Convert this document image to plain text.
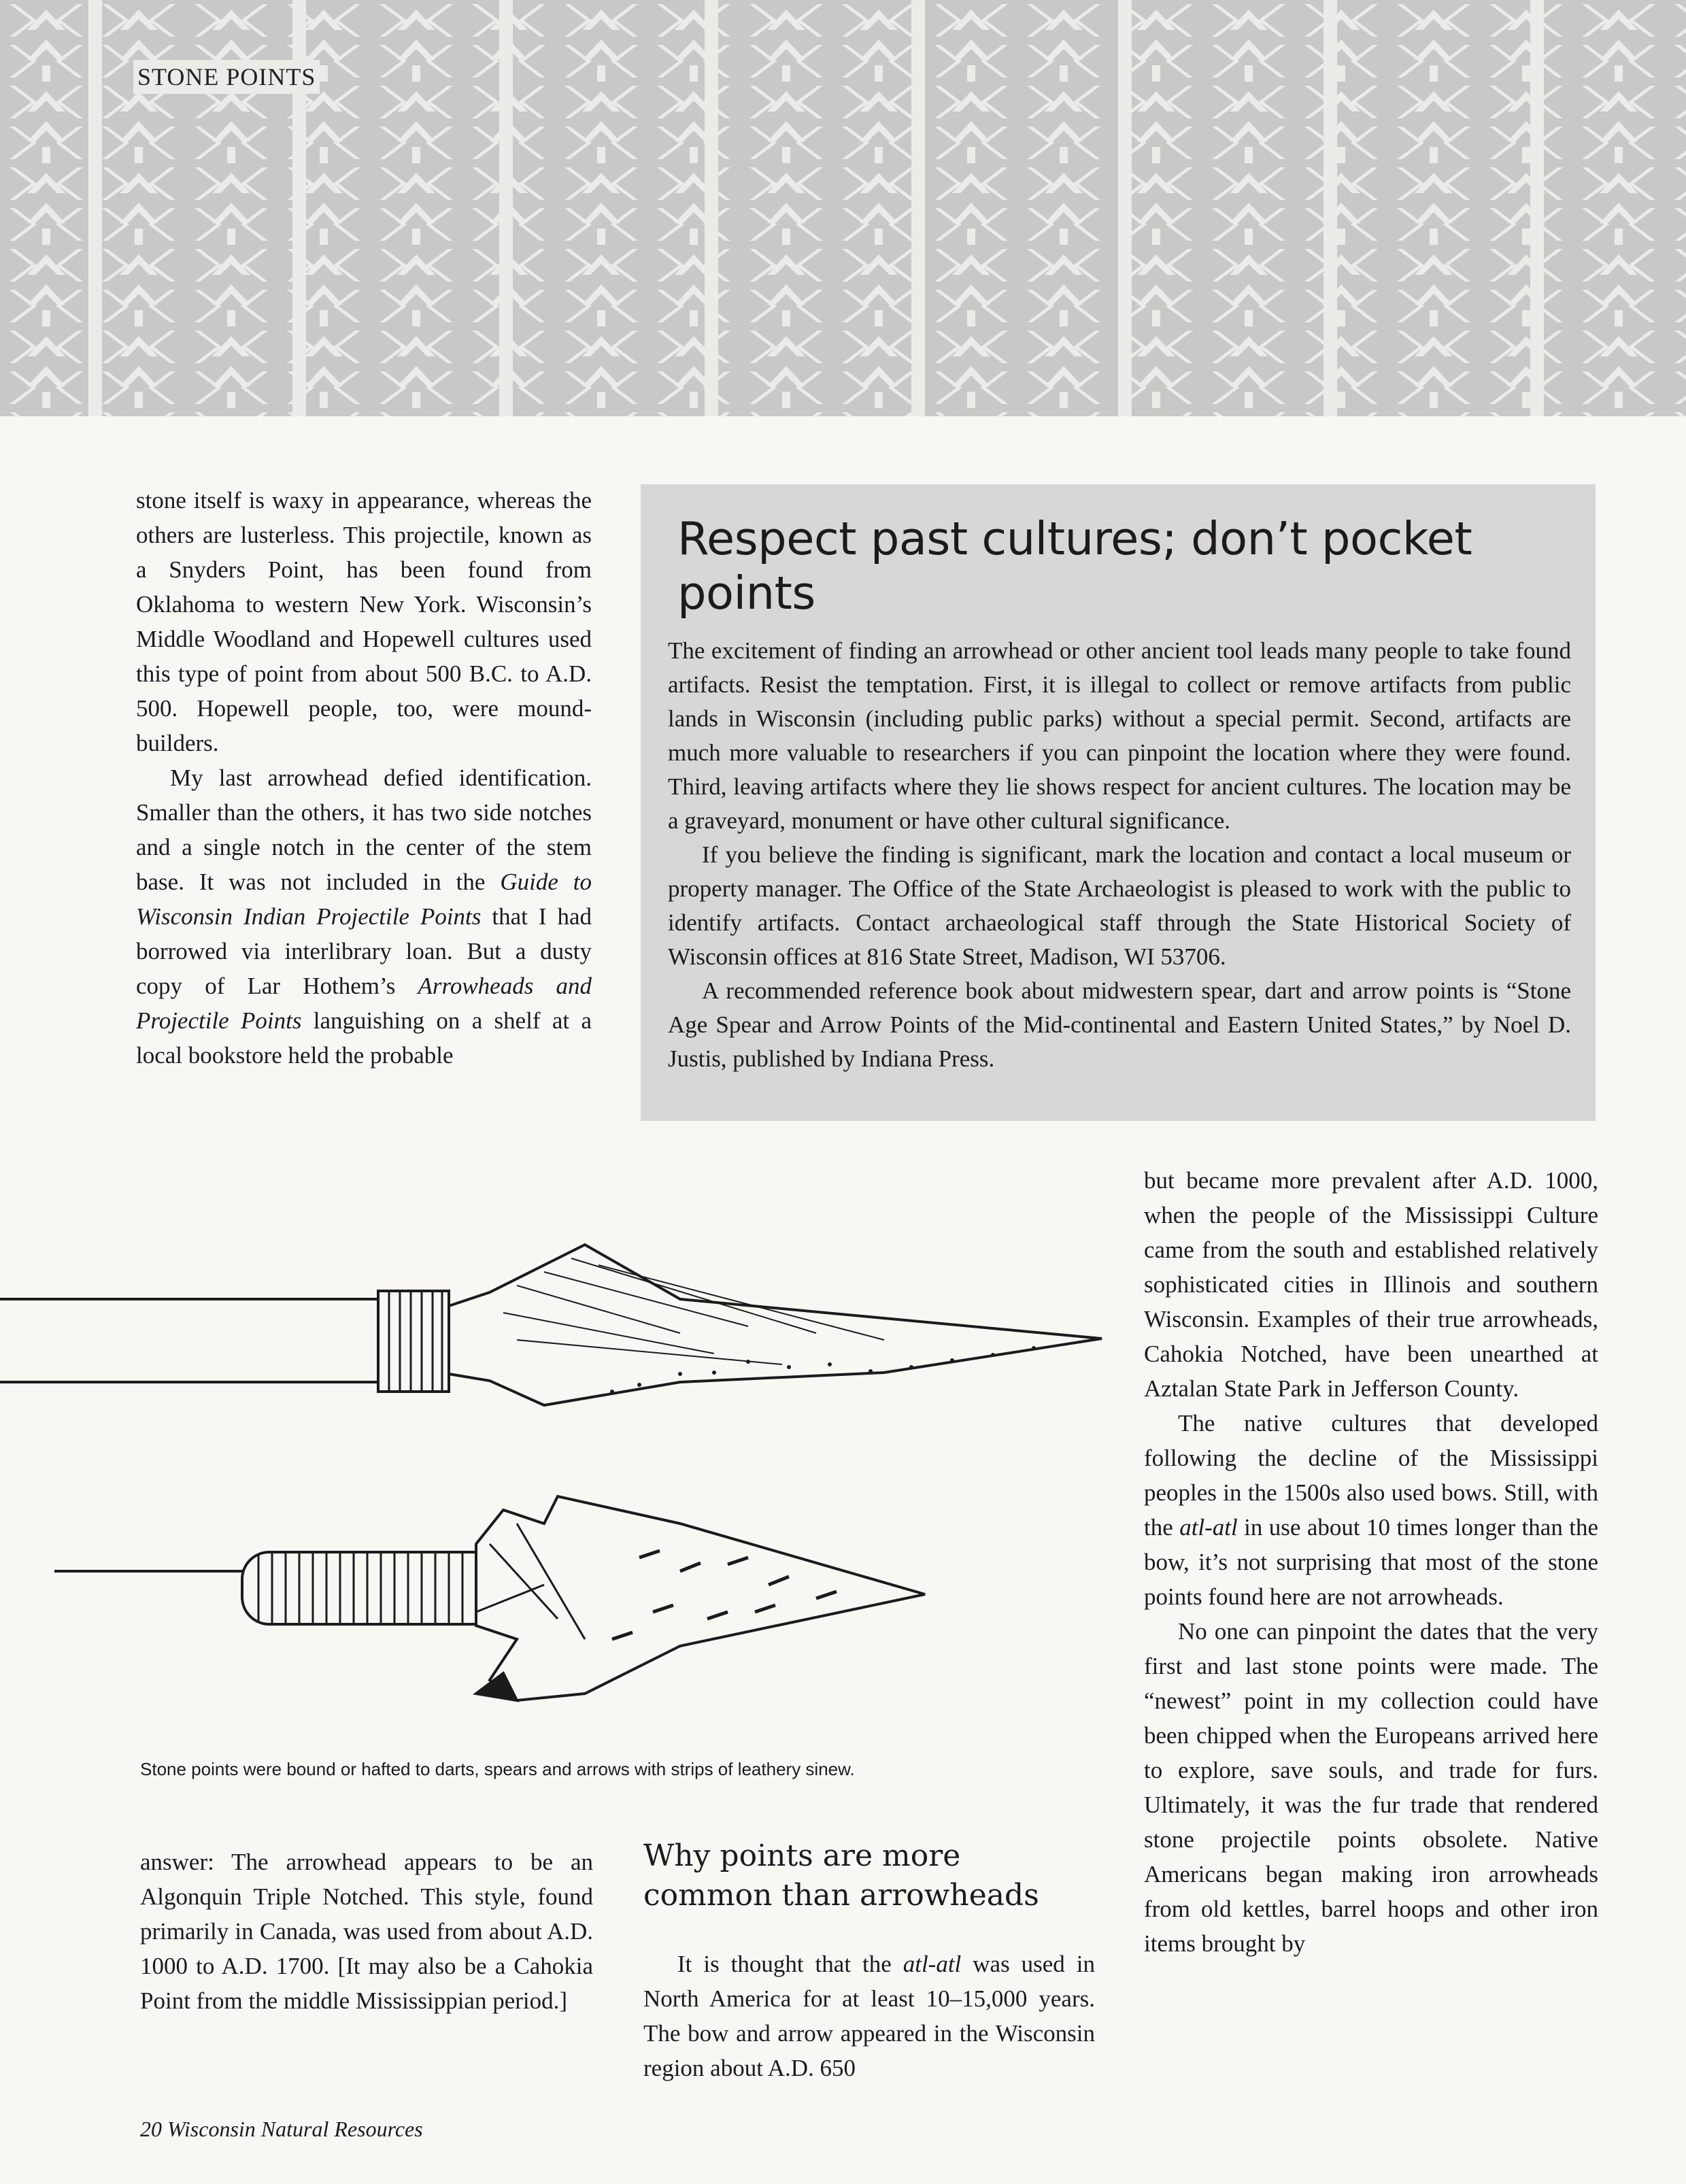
STONE POINTS

stone itself is waxy in appearance, whereas the others are lusterless. This projectile, known as a Snyders Point, has been found from Oklahoma to western New York. Wisconsin’s Middle Woodland and Hopewell cultures used this type of point from about 500 B.C. to A.D. 500. Hopewell people, too, were mound-builders.

My last arrowhead defied identification. Smaller than the others, it has two side notches and a single notch in the center of the stem base. It was not included in the Guide to Wisconsin Indian Projectile Points that I had borrowed via interlibrary loan. But a dusty copy of Lar Hothem’s Arrowheads and Projectile Points languishing on a shelf at a local bookstore held the probable

Respect past cultures; don’t pocket points

The excitement of finding an arrowhead or other ancient tool leads many people to take found artifacts. Resist the temptation. First, it is illegal to collect or remove artifacts from public lands in Wisconsin (including public parks) without a special permit. Second, artifacts are much more valuable to researchers if you can pinpoint the location where they were found. Third, leaving artifacts where they lie shows respect for ancient cultures. The location may be a graveyard, monument or have other cultural significance.

If you believe the finding is significant, mark the location and contact a local museum or property manager. The Office of the State Archaeologist is pleased to work with the public to identify artifacts. Contact archaeological staff through the State Historical Society of Wisconsin offices at 816 State Street, Madison, WI 53706.

A recommended reference book about midwestern spear, dart and arrow points is “Stone Age Spear and Arrow Points of the Mid-continental and Eastern United States,” by Noel D. Justis, published by Indiana Press.

Stone points were bound or hafted to darts, spears and arrows with strips of leathery sinew.

answer: The arrowhead appears to be an Algonquin Triple Notched. This style, found primarily in Canada, was used from about A.D. 1000 to A.D. 1700. [It may also be a Cahokia Point from the middle Mississippian period.]

Why points are more common than arrowheads

It is thought that the atl-atl was used in North America for at least 10–15,000 years. The bow and arrow appeared in the Wisconsin region about A.D. 650

but became more prevalent after A.D. 1000, when the people of the Mississippi Culture came from the south and established relatively sophisticated cities in Illinois and southern Wisconsin. Examples of their true arrowheads, Cahokia Notched, have been unearthed at Aztalan State Park in Jefferson County.

The native cultures that developed following the decline of the Mississippi peoples in the 1500s also used bows. Still, with the atl-atl in use about 10 times longer than the bow, it’s not surprising that most of the stone points found here are not arrowheads.

No one can pinpoint the dates that the very first and last stone points were made. The “newest” point in my collection could have been chipped when the Europeans arrived here to explore, save souls, and trade for furs. Ultimately, it was the fur trade that rendered stone projectile points obsolete. Native Americans began making iron arrowheads from old kettles, barrel hoops and other iron items brought by

20 Wisconsin Natural Resources
